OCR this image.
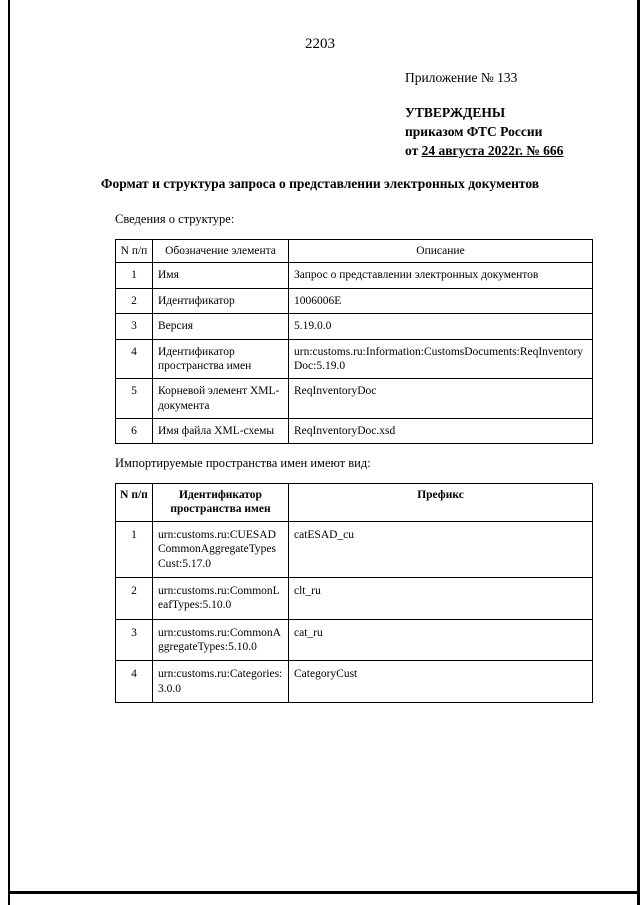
2203
Приложение № 133
УТВЕРЖДЕНЫ
приказом ФТС России
от 24 августа 2022г. № 666
Формат и структура запроса о представлении электронных документов
Сведения о структуре:
N п/п	Обозначение элемента	Описание
1	Имя	Запрос о представлении электронных документов
2	Идентификатор	1006006E
3	Версия	5.19.0.0
4	Идентификатор пространства имен	urn:customs.ru:Information:CustomsDocuments:ReqInventoryDoc:5.19.0
5	Корневой элемент XML-документа	ReqInventoryDoc
6	Имя файла XML-схемы	ReqInventoryDoc.xsd
Импортируемые пространства имен имеют вид:
N п/п	Идентификатор пространства имен	Префикс
1	urn:customs.ru:CUESADCommonAggregateTypesCust:5.17.0	catESAD_cu
2	urn:customs.ru:CommonLeafTypes:5.10.0	clt_ru
3	urn:customs.ru:CommonAggregateTypes:5.10.0	cat_ru
4	urn:customs.ru:Categories:3.0.0	CategoryCust
